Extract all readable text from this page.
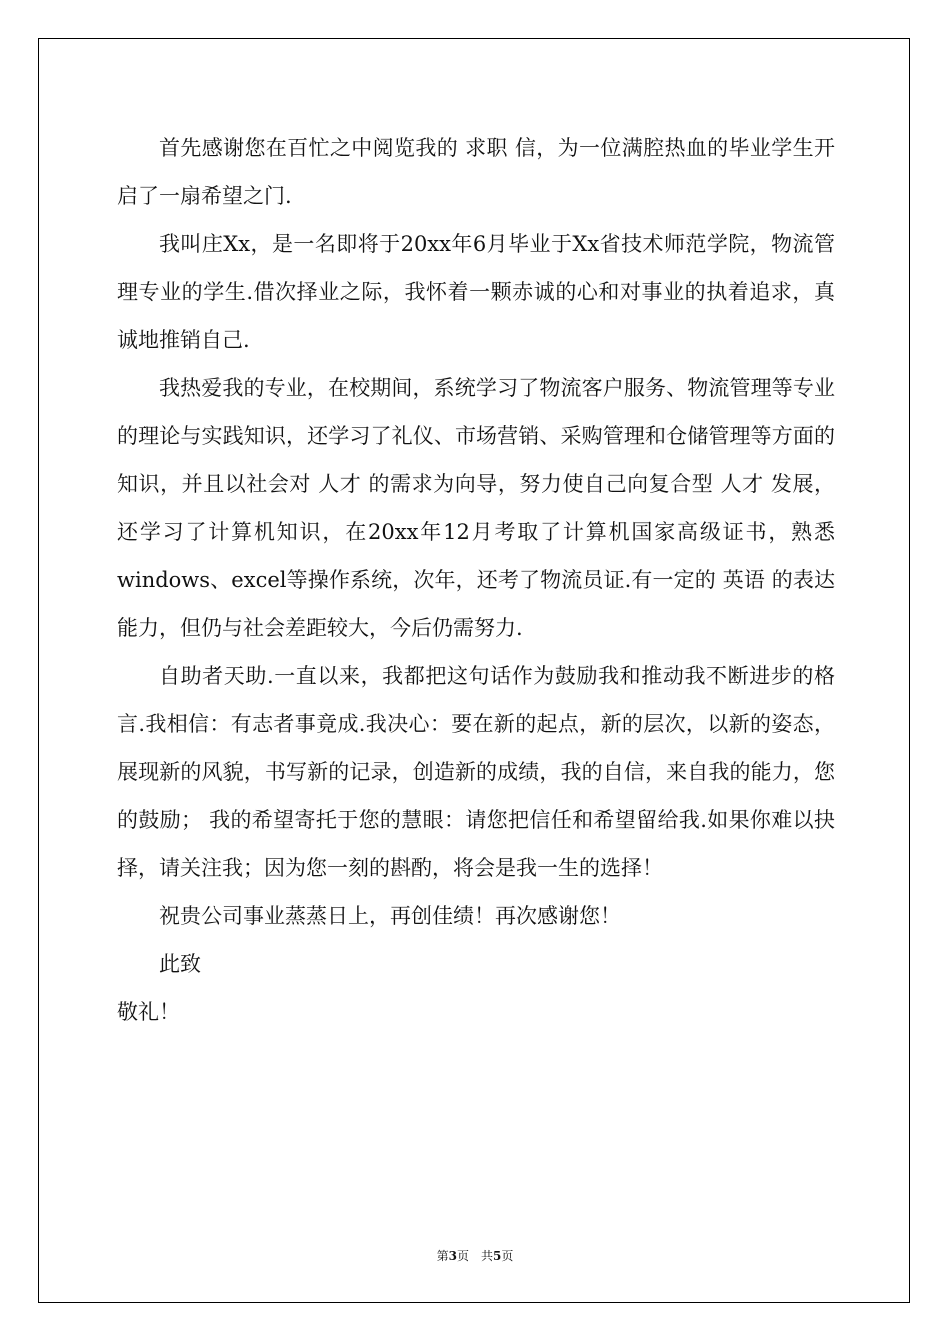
首先感谢您在百忙之中阅览我的 求职 信，为一位满腔热血的毕业学生开启了一扇希望之门.

我叫庄Xx，是一名即将于20xx年6月毕业于Xx省技术师范学院，物流管理专业的学生.借次择业之际，我怀着一颗赤诚的心和对事业的执着追求，真诚地推销自己.

我热爱我的专业，在校期间，系统学习了物流客户服务、物流管理等专业的理论与实践知识，还学习了礼仪、市场营销、采购管理和仓储管理等方面的知识，并且以社会对 人才 的需求为向导，努力使自己向复合型 人才 发展，还学习了计算机知识，在20xx年12月考取了计算机国家高级证书，熟悉windows、excel等操作系统，次年，还考了物流员证.有一定的 英语 的表达能力，但仍与社会差距较大，今后仍需努力.

自助者天助.一直以来，我都把这句话作为鼓励我和推动我不断进步的格言.我相信：有志者事竟成.我决心：要在新的起点，新的层次，以新的姿态，展现新的风貌，书写新的记录，创造新的成绩，我的自信，来自我的能力，您的鼓励； 我的希望寄托于您的慧眼：请您把信任和希望留给我.如果你难以抉择，请关注我；因为您一刻的斟酌，将会是我一生的选择！

祝贵公司事业蒸蒸日上，再创佳绩！再次感谢您！

此致

敬礼！

第3页　共5页
